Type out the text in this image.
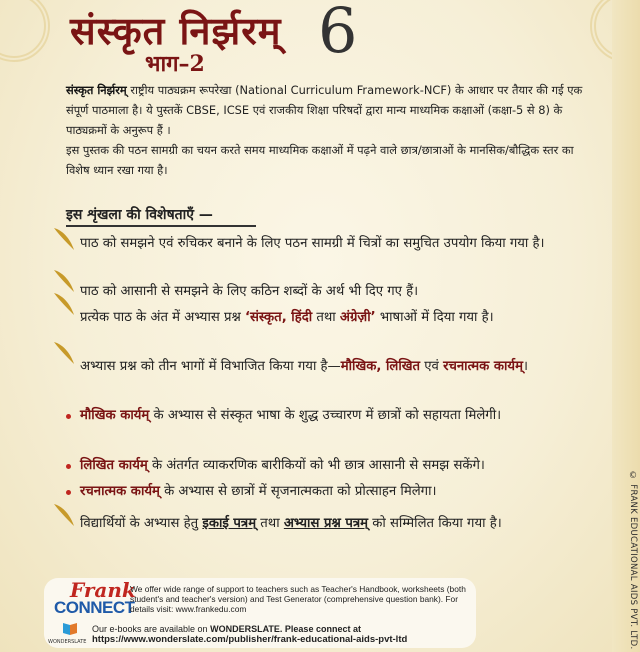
© FRANK EDUCATIONAL AIDS PVT. LTD.
संस्कृत निर्झरम् 6
भाग–2
संस्कृत निर्झरम् राष्ट्रीय पाठ्यक्रम रूपरेखा (National Curriculum Framework-NCF) के आधार पर तैयार की गई एक संपूर्ण पाठमाला है। ये पुस्तकें CBSE, ICSE एवं राजकीय शिक्षा परिषदों द्वारा मान्य माध्यमिक कक्षाओं (कक्षा-5 से 8) के पाठ्यक्रमों के अनुरूप हैं ।
इस पुस्तक की पठन सामग्री का चयन करते समय माध्यमिक कक्षाओं में पढ़ने वाले छात्र/छात्राओं के मानसिक/बौद्धिक स्तर का विशेष ध्यान रखा गया है।
इस शृंखला की विशेषताएँ —
पाठ को समझने एवं रुचिकर बनाने के लिए पठन सामग्री में चित्रों का समुचित उपयोग किया गया है।
पाठ को आसानी से समझने के लिए कठिन शब्दों के अर्थ भी दिए गए हैं।
प्रत्येक पाठ के अंत में अभ्यास प्रश्न ‘संस्कृत, हिंदी तथा अंग्रेज़ी’ भाषाओं में दिया गया है।
अभ्यास प्रश्न को तीन भागों में विभाजित किया गया है—मौखिक, लिखित एवं रचनात्मक कार्यम्।
मौखिक कार्यम् के अभ्यास से संस्कृत भाषा के शुद्ध उच्चारण में छात्रों को सहायता मिलेगी।
लिखित कार्यम् के अंतर्गत व्याकरणिक बारीकियों को भी छात्र आसानी से समझ सकेंगे।
रचनात्मक कार्यम् के अभ्यास से छात्रों में सृजनात्मकता को प्रोत्साहन मिलेगा।
विद्यार्थियों के अभ्यास हेतु इकाई पत्रम् तथा अभ्यास प्रश्न पत्रम् को सम्मिलित किया गया है।
Frank
CONNECT
We offer wide range of support to teachers such as Teacher's Handbook, worksheets (both student's and teacher's version) and Test Generator (comprehensive question bank). For details visit: www.frankedu.com
WONDERSLATE
Our e-books are available on WONDERSLATE. Please connect at
https://www.wonderslate.com/publisher/frank-educational-aids-pvt-ltd
